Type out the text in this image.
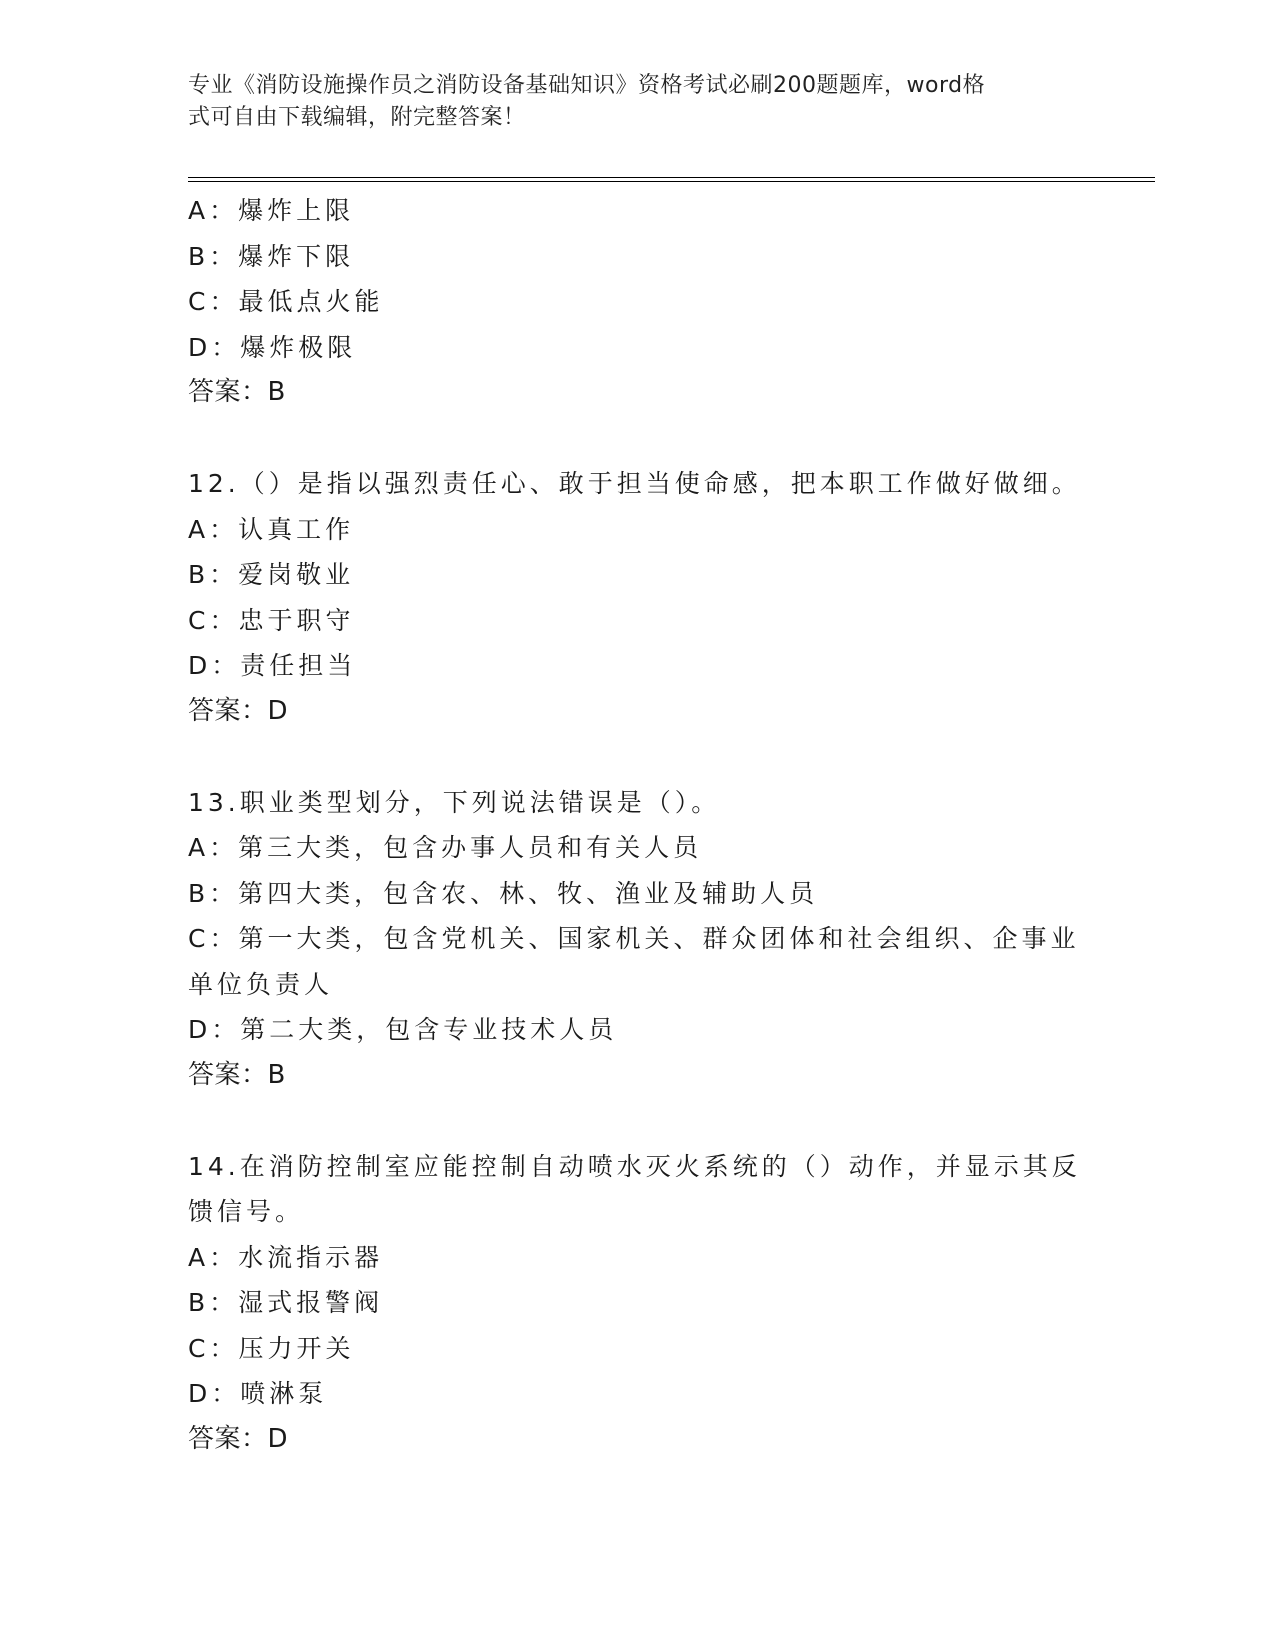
专业《消防设施操作员之消防设备基础知识》资格考试必刷200题题库，word格
式可自由下载编辑，附完整答案！

A：爆炸上限

B：爆炸下限

C：最低点火能

D：爆炸极限

答案：B

12.（）是指以强烈责任心、敢于担当使命感，把本职工作做好做细。

A：认真工作

B：爱岗敬业

C：忠于职守

D：责任担当

答案：D

13.职业类型划分，下列说法错误是（）。

A：第三大类，包含办事人员和有关人员

B：第四大类，包含农、林、牧、渔业及辅助人员

C：第一大类，包含党机关、国家机关、群众团体和社会组织、企事业

单位负责人

D：第二大类，包含专业技术人员

答案：B

14.在消防控制室应能控制自动喷水灭火系统的（）动作，并显示其反

馈信号。

A：水流指示器

B：湿式报警阀

C：压力开关

D：喷淋泵

答案：D
